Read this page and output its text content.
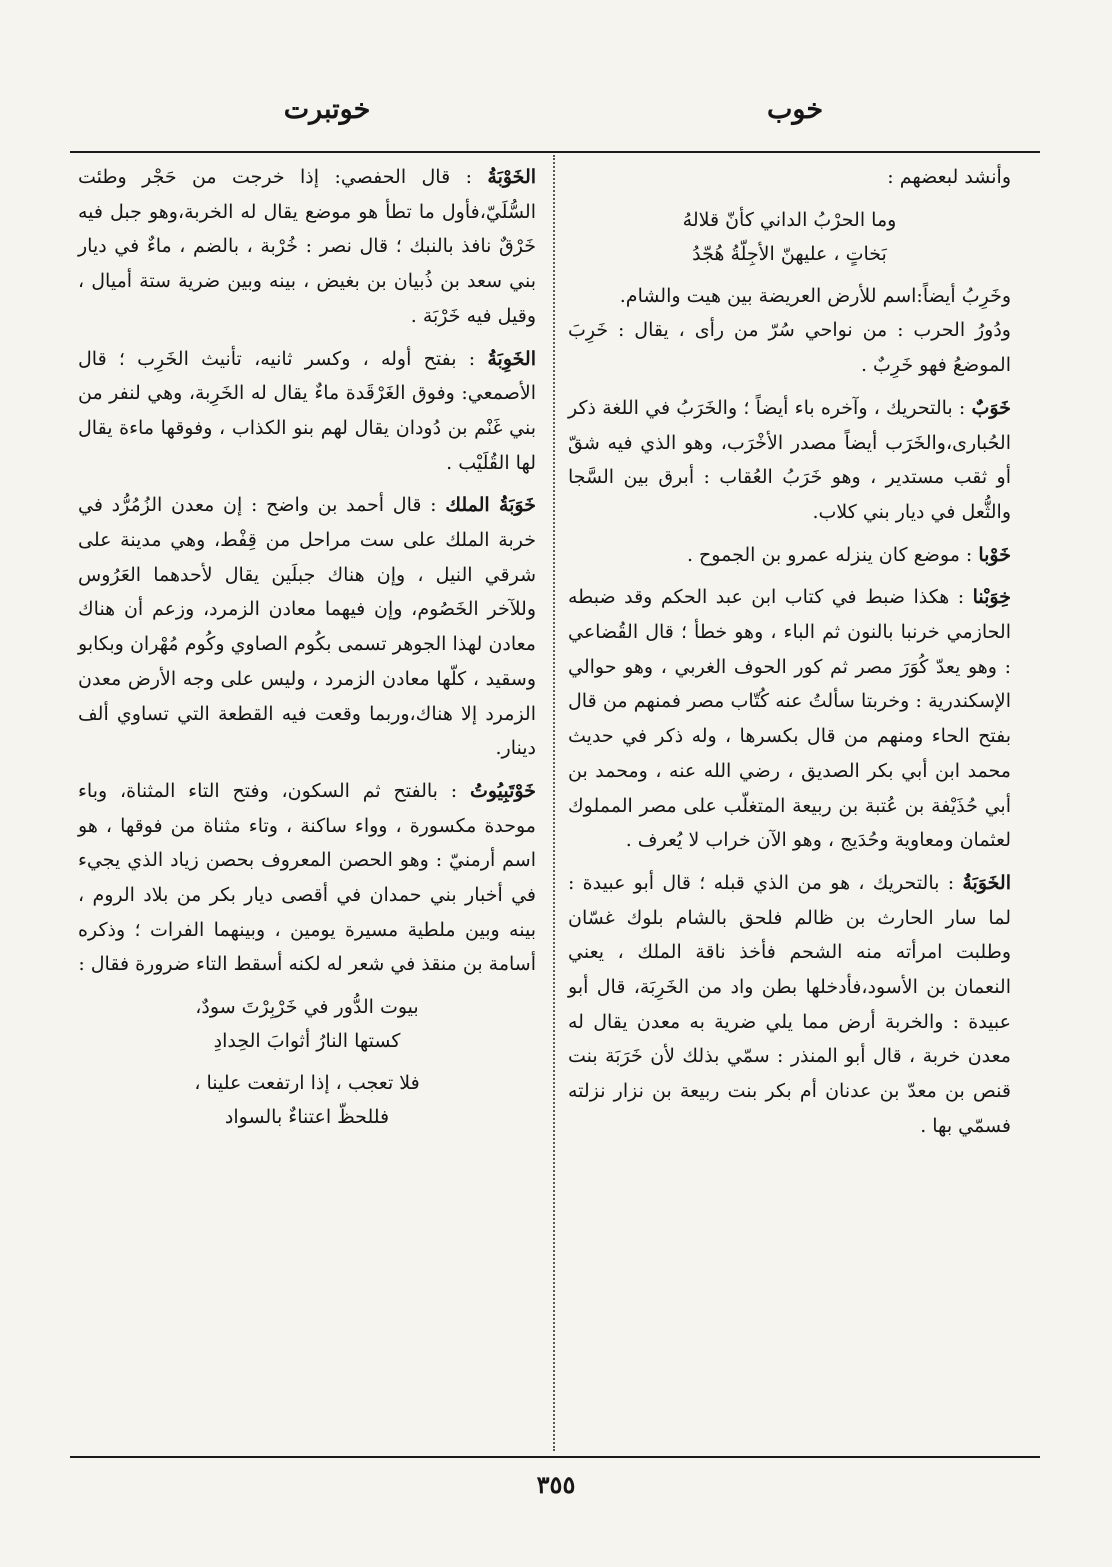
خوب
خوتبرت

وأنشد لبعضهم :

وما الحرْبُ الداني كأنّ قلالهُ

بَخاتٍ ، عليهنّ الأجِلّةُ هُجّدُ

وخَرِبُ أيضاً:اسم للأرض العريضة بين هيت والشام.

ودُورُ الحرب : من نواحي سُرّ من رأى ، يقال : خَرِبَ الموضعُ فهو خَرِبٌ .

خَوَبٌ : بالتحريك ، وآخره باء أيضاً ؛ والخَرَبُ في اللغة ذكر الحُبارى،والخَرَب أيضاً مصدر الأخْرَب، وهو الذي فيه شقّ أو ثقب مستدير ، وهو خَرَبُ العُقاب : أبرق بين السَّجا والثُّعل في ديار بني كلاب.

خَوْبا : موضع كان ينزله عمرو بن الجموح .

خِوَبْنا : هكذا ضبط في كتاب ابن عبد الحكم وقد ضبطه الحازمي خرنبا بالنون ثم الباء ، وهو خطأ ؛ قال القُضاعي : وهو يعدّ كُوَرَ مصر ثم كور الحوف الغربي ، وهو حوالي الإسكندرية : وخربتا سألتُ عنه كُتّاب مصر فمنهم من قال بفتح الحاء ومنهم من قال بكسرها ، وله ذكر في حديث محمد ابن أبي بكر الصديق ، رضي الله عنه ، ومحمد بن أبي حُذَيْفة بن عُتبة بن ربيعة المتغلّب على مصر المملوك لعثمان ومعاوية وحُدَيج ، وهو الآن خراب لا يُعرف .

الخَوَبَةُ : بالتحريك ، هو من الذي قبله ؛ قال أبو عبيدة : لما سار الحارث بن ظالم فلحق بالشام بلوك غسّان وطلبت امرأته منه الشحم فأخذ ناقة الملك ، يعني النعمان بن الأسود،فأدخلها بطن واد من الخَرِبَة، قال أبو عبيدة : والخربة أرض مما يلي ضرية به معدن يقال له معدن خربة ، قال أبو المنذر : سمّي بذلك لأن خَرَبَة بنت قنص بن معدّ بن عدنان أم بكر بنت ربيعة بن نزار نزلته فسمّي بها .

الخَوْبَةُ : قال الحفصي: إذا خرجت من حَجْر وطئت السُّلَيّ،فأول ما تطأ هو موضع يقال له الخربة،وهو جبل فيه خَرْقٌ نافذ بالنبك ؛ قال نصر : خُرْبة ، بالضم ، ماءٌ في ديار بني سعد بن ذُبيان بن بغيض ، بينه وبين ضرية ستة أميال ، وقيل فيه خَرْبَة .

الخَوِبَةُ : بفتح أوله ، وكسر ثانيه، تأنيث الخَرِب ؛ قال الأصمعي: وفوق الغَرْقَدة ماءٌ يقال له الخَرِبة، وهي لنفر من بني غَنْم بن دُودان يقال لهم بنو الكذاب ، وفوقها ماءة يقال لها القُلَيْب .

خَوَبَةُ الملك : قال أحمد بن واضح : إن معدن الزُمُرُّد في خربة الملك على ست مراحل من قِفْط، وهي مدينة على شرقي النيل ، وإن هناك جبلَين يقال لأحدهما العَرُوس وللآخر الخَصُوم، وإن فيهما معادن الزمرد، وزعم أن هناك معادن لهذا الجوهر تسمى بكُوم الصاوي وكُوم مُهْران وبكابو وسقيد ، كلّها معادن الزمرد ، وليس على وجه الأرض معدن الزمرد إلا هناك،وربما وقعت فيه القطعة التي تساوي ألف دينار.

خَوْتَبِيُوتُ : بالفتح ثم السكون، وفتح التاء المثناة، وباء موحدة مكسورة ، وواء ساكنة ، وتاء مثناة من فوقها ، هو اسم أرمنيّ : وهو الحصن المعروف بحصن زياد الذي يجيء في أخبار بني حمدان في أقصى ديار بكر من بلاد الروم ، بينه وبين ملطية مسيرة يومين ، وبينهما الفرات ؛ وذكره أسامة بن منقذ في شعر له لكنه أسقط التاء ضرورة فقال :

بيوت الدُّور في خَرْبِرْتَ سودٌ،

كستها النارُ أثوابَ الحِدادِ

فلا تعجب ، إذا ارتفعت علينا ،

فللحظّ اعتناءٌ بالسواد

٣٥٥
